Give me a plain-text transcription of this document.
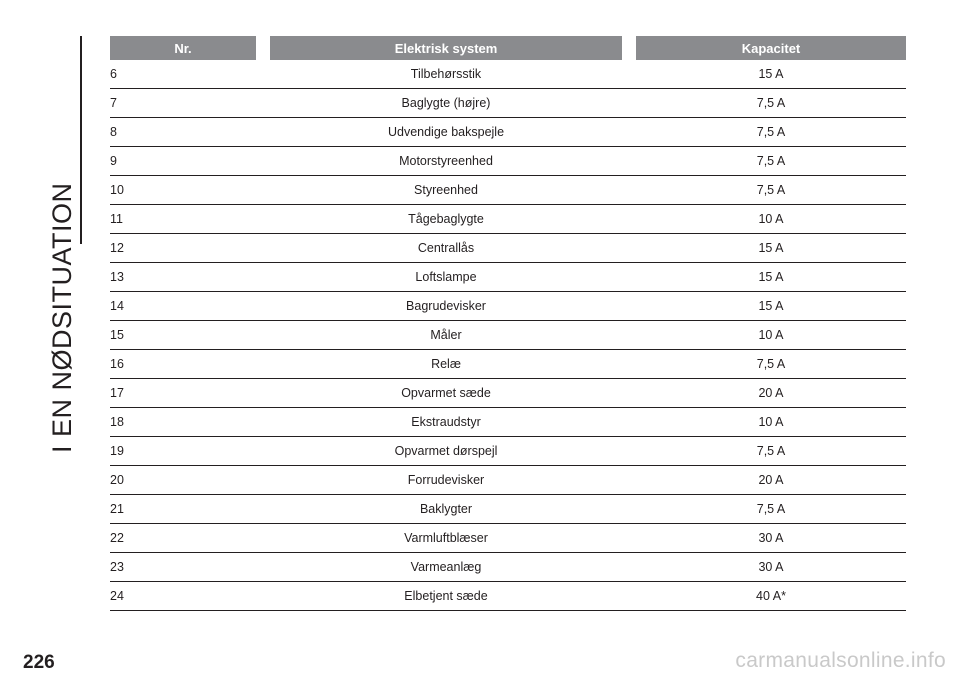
I EN NØDSITUATION
Nr.	Elektrisk system	Kapacitet
6	Tilbehørsstik	15 A
7	Baglygte (højre)	7,5 A
8	Udvendige bakspejle	7,5 A
9	Motorstyreenhed	7,5 A
10	Styreenhed	7,5 A
11	Tågebaglygte	10 A
12	Centrallås	15 A
13	Loftslampe	15 A
14	Bagrudevisker	15 A
15	Måler	10 A
16	Relæ	7,5 A
17	Opvarmet sæde	20 A
18	Ekstraudstyr	10 A
19	Opvarmet dørspejl	7,5 A
20	Forrudevisker	20 A
21	Baklygter	7,5 A
22	Varmluftblæser	30 A
23	Varmeanlæg	30 A
24	Elbetjent sæde	40 A*
226	carmanualsonline.info
